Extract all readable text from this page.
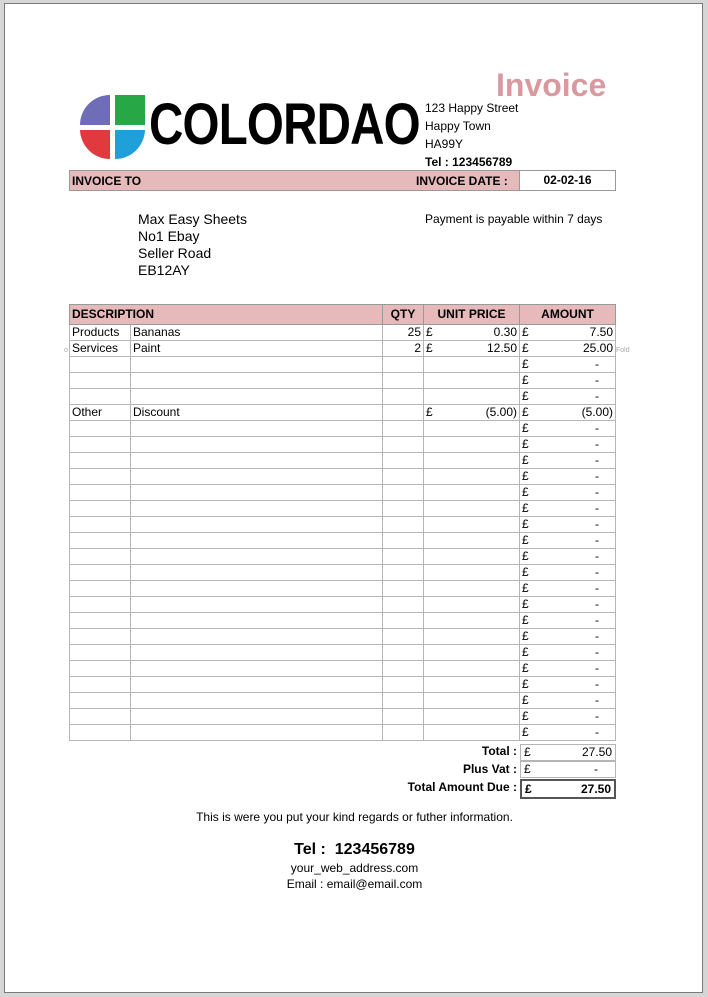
COLORDAO
Invoice
123 Happy Street
Happy Town
HA99Y
Tel : 123456789
INVOICE TO	INVOICE DATE :	02-02-16
Max Easy Sheets
No1 Ebay
Seller Road
EB12AY
Payment is payable within 7 days
o	Fold
DESCRIPTION		QTY	UNIT PRICE	AMOUNT
Products	Bananas	25	£ 0.30	£ 7.50

Services	Paint	2	£ 12.50	£ 25.00

				£ -

				£ -

				£ -

Other	Discount		£ (5.00)	£ (5.00)

				£ -

				£ -

				£ -

				£ -

				£ -

				£ -

				£ -

				£ -

				£ -

				£ -

				£ -

				£ -

				£ -

				£ -

				£ -

				£ -

				£ -

				£ -

				£ -

				£ -
Total : £	27.50
Plus Vat : £	-
Total Amount Due : £	27.50
This is were you put your kind regards or futher information.
Tel : 123456789
your_web_address.com
Email : email@email.com
